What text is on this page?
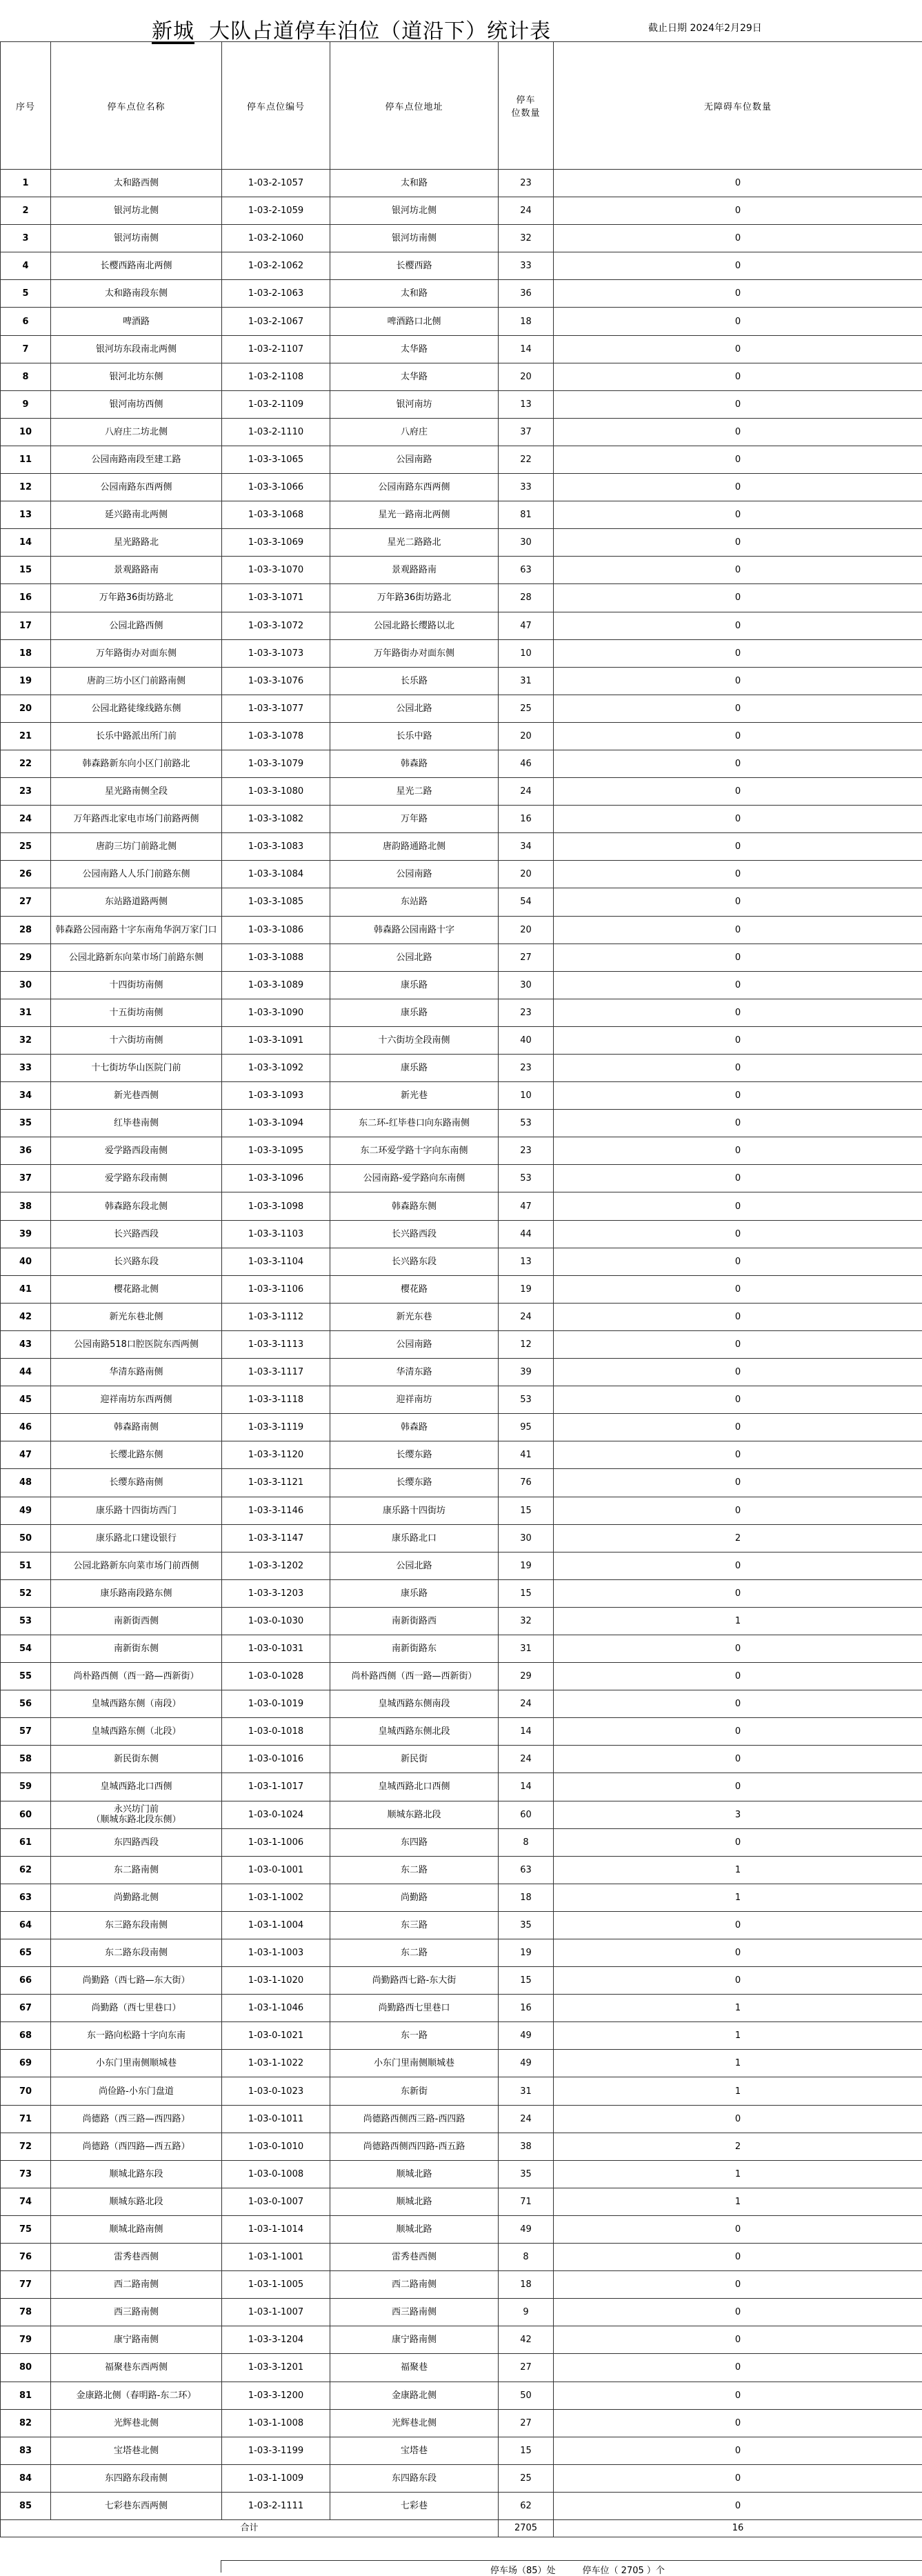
新城 大队占道停车泊位（道沿下）统计表	截止日期 2024年2月29日
序号	停车点位名称	停车点位编号	停车点位地址	停车
位数量	无障碍车位数量
1	太和路西侧	1-03-2-1057	太和路	23	0
2	银河坊北侧	1-03-2-1059	银河坊北侧	24	0
3	银河坊南侧	1-03-2-1060	银河坊南侧	32	0
4	长樱西路南北两侧	1-03-2-1062	长樱西路	33	0
5	太和路南段东侧	1-03-2-1063	太和路	36	0
6	啤酒路	1-03-2-1067	啤酒路口北侧	18	0
7	银河坊东段南北两侧	1-03-2-1107	太华路	14	0
8	银河北坊东侧	1-03-2-1108	太华路	20	0
9	银河南坊西侧	1-03-2-1109	银河南坊	13	0
10	八府庄二坊北侧	1-03-2-1110	八府庄	37	0
11	公园南路南段至建工路	1-03-3-1065	公园南路	22	0
12	公园南路东西两侧	1-03-3-1066	公园南路东西两侧	33	0
13	延兴路南北两侧	1-03-3-1068	星光一路南北两侧	81	0
14	星光路路北	1-03-3-1069	星光二路路北	30	0
15	景观路路南	1-03-3-1070	景观路路南	63	0
16	万年路36街坊路北	1-03-3-1071	万年路36街坊路北	28	0
17	公园北路西侧	1-03-3-1072	公园北路长缨路以北	47	0
18	万年路街办对面东侧	1-03-3-1073	万年路街办对面东侧	10	0
19	唐韵三坊小区门前路南侧	1-03-3-1076	长乐路	31	0
20	公园北路徒缘线路东侧	1-03-3-1077	公园北路	25	0
21	长乐中路派出所门前	1-03-3-1078	长乐中路	20	0
22	韩森路新东向小区门前路北	1-03-3-1079	韩森路	46	0
23	星光路南侧全段	1-03-3-1080	星光二路	24	0
24	万年路西北家电市场门前路两侧	1-03-3-1082	万年路	16	0
25	唐韵三坊门前路北侧	1-03-3-1083	唐韵路通路北侧	34	0
26	公园南路人人乐门前路东侧	1-03-3-1084	公园南路	20	0
27	东站路道路两侧	1-03-3-1085	东站路	54	0
28	韩森路公园南路十字东南角华润万家门口	1-03-3-1086	韩森路公园南路十字	20	0
29	公园北路新东向菜市场门前路东侧	1-03-3-1088	公园北路	27	0
30	十四街坊南侧	1-03-3-1089	康乐路	30	0
31	十五街坊南侧	1-03-3-1090	康乐路	23	0
32	十六街坊南侧	1-03-3-1091	十六街坊全段南侧	40	0
33	十七街坊华山医院门前	1-03-3-1092	康乐路	23	0
34	新光巷西侧	1-03-3-1093	新光巷	10	0
35	红毕巷南侧	1-03-3-1094	东二环-红毕巷口向东路南侧	53	0
36	爱学路西段南侧	1-03-3-1095	东二环爱学路十字向东南侧	23	0
37	爱学路东段南侧	1-03-3-1096	公园南路-爱学路向东南侧	53	0
38	韩森路东段北侧	1-03-3-1098	韩森路东侧	47	0
39	长兴路西段	1-03-3-1103	长兴路西段	44	0
40	长兴路东段	1-03-3-1104	长兴路东段	13	0
41	樱花路北侧	1-03-3-1106	樱花路	19	0
42	新光东巷北侧	1-03-3-1112	新光东巷	24	0
43	公园南路518口腔医院东西两侧	1-03-3-1113	公园南路	12	0
44	华清东路南侧	1-03-3-1117	华清东路	39	0
45	迎祥南坊东西两侧	1-03-3-1118	迎祥南坊	53	0
46	韩森路南侧	1-03-3-1119	韩森路	95	0
47	长缨北路东侧	1-03-3-1120	长缨东路	41	0
48	长缨东路南侧	1-03-3-1121	长缨东路	76	0
49	康乐路十四街坊西门	1-03-3-1146	康乐路十四街坊	15	0
50	康乐路北口建设银行	1-03-3-1147	康乐路北口	30	2
51	公园北路新东向菜市场门前西侧	1-03-3-1202	公园北路	19	0
52	康乐路南段路东侧	1-03-3-1203	康乐路	15	0
53	南新街西侧	1-03-0-1030	南新街路西	32	1
54	南新街东侧	1-03-0-1031	南新街路东	31	0
55	尚朴路西侧（西一路—西新街）	1-03-0-1028	尚朴路西侧（西一路—西新街）	29	0
56	皇城西路东侧（南段）	1-03-0-1019	皇城西路东侧南段	24	0
57	皇城西路东侧（北段）	1-03-0-1018	皇城西路东侧北段	14	0
58	新民街东侧	1-03-0-1016	新民街	24	0
59	皇城西路北口西侧	1-03-1-1017	皇城西路北口西侧	14	0
60	永兴坊门前
（顺城东路北段东侧）	1-03-0-1024	顺城东路北段	60	3
61	东四路西段	1-03-1-1006	东四路	8	0
62	东二路南侧	1-03-0-1001	东二路	63	1
63	尚勤路北侧	1-03-1-1002	尚勤路	18	1
64	东三路东段南侧	1-03-1-1004	东三路	35	0
65	东二路东段南侧	1-03-1-1003	东二路	19	0
66	尚勤路（西七路—东大街）	1-03-1-1020	尚勤路西七路-东大街	15	0
67	尚勤路（西七里巷口）	1-03-1-1046	尚勤路西七里巷口	16	1
68	东一路向松路十字向东南	1-03-0-1021	东一路	49	1
69	小东门里南侧顺城巷	1-03-1-1022	小东门里南侧顺城巷	49	1
70	尚俭路-小东门盘道	1-03-0-1023	东新街	31	1
71	尚德路（西三路—西四路）	1-03-0-1011	尚德路西侧西三路-西四路	24	0
72	尚德路（西四路—西五路）	1-03-0-1010	尚德路西侧西四路-西五路	38	2
73	顺城北路东段	1-03-0-1008	顺城北路	35	1
74	顺城东路北段	1-03-0-1007	顺城北路	71	1
75	顺城北路南侧	1-03-1-1014	顺城北路	49	0
76	雷秀巷西侧	1-03-1-1001	雷秀巷西侧	8	0
77	西二路南侧	1-03-1-1005	西二路南侧	18	0
78	西三路南侧	1-03-1-1007	西三路南侧	9	0
79	康宁路南侧	1-03-3-1204	康宁路南侧	42	0
80	福聚巷东西两侧	1-03-3-1201	福聚巷	27	0
81	金康路北侧（春明路-东二环）	1-03-3-1200	金康路北侧	50	0
82	光辉巷北侧	1-03-1-1008	光辉巷北侧	27	0
83	宝塔巷北侧	1-03-3-1199	宝塔巷	15	0
84	东四路东段南侧	1-03-1-1009	东四路东段	25	0
85	七彩巷东西两侧	1-03-2-1111	七彩巷	62	0
合计				2705	16
停车场（85）处　　　停车位（ 2705 ）个
